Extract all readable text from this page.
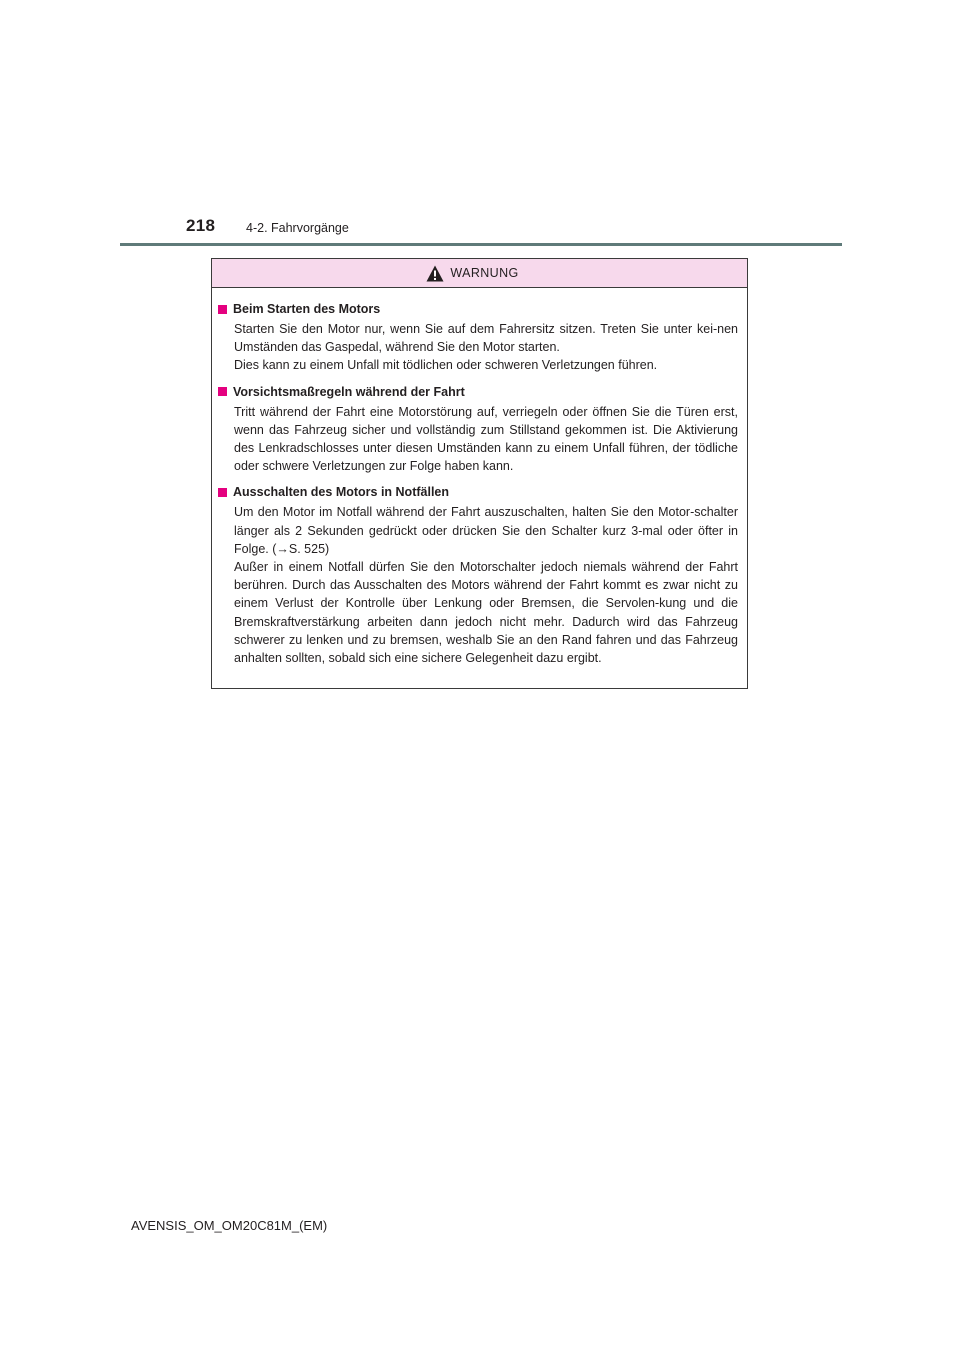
218 4-2. Fahrvorgänge
WARNUNG
Beim Starten des Motors
Starten Sie den Motor nur, wenn Sie auf dem Fahrersitz sitzen. Treten Sie unter kei-nen Umständen das Gaspedal, während Sie den Motor starten.
Dies kann zu einem Unfall mit tödlichen oder schweren Verletzungen führen.
Vorsichtsmaßregeln während der Fahrt
Tritt während der Fahrt eine Motorstörung auf, verriegeln oder öffnen Sie die Türen erst, wenn das Fahrzeug sicher und vollständig zum Stillstand gekommen ist. Die Aktivierung des Lenkradschlosses unter diesen Umständen kann zu einem Unfall führen, der tödliche oder schwere Verletzungen zur Folge haben kann.
Ausschalten des Motors in Notfällen
Um den Motor im Notfall während der Fahrt auszuschalten, halten Sie den Motor-schalter länger als 2 Sekunden gedrückt oder drücken Sie den Schalter kurz 3-mal oder öfter in Folge. (→S. 525)
Außer in einem Notfall dürfen Sie den Motorschalter jedoch niemals während der Fahrt berühren. Durch das Ausschalten des Motors während der Fahrt kommt es zwar nicht zu einem Verlust der Kontrolle über Lenkung oder Bremsen, die Servolen-kung und die Bremskraftverstärkung arbeiten dann jedoch nicht mehr. Dadurch wird das Fahrzeug schwerer zu lenken und zu bremsen, weshalb Sie an den Rand fahren und das Fahrzeug anhalten sollten, sobald sich eine sichere Gelegenheit dazu ergibt.
AVENSIS_OM_OM20C81M_(EM)
